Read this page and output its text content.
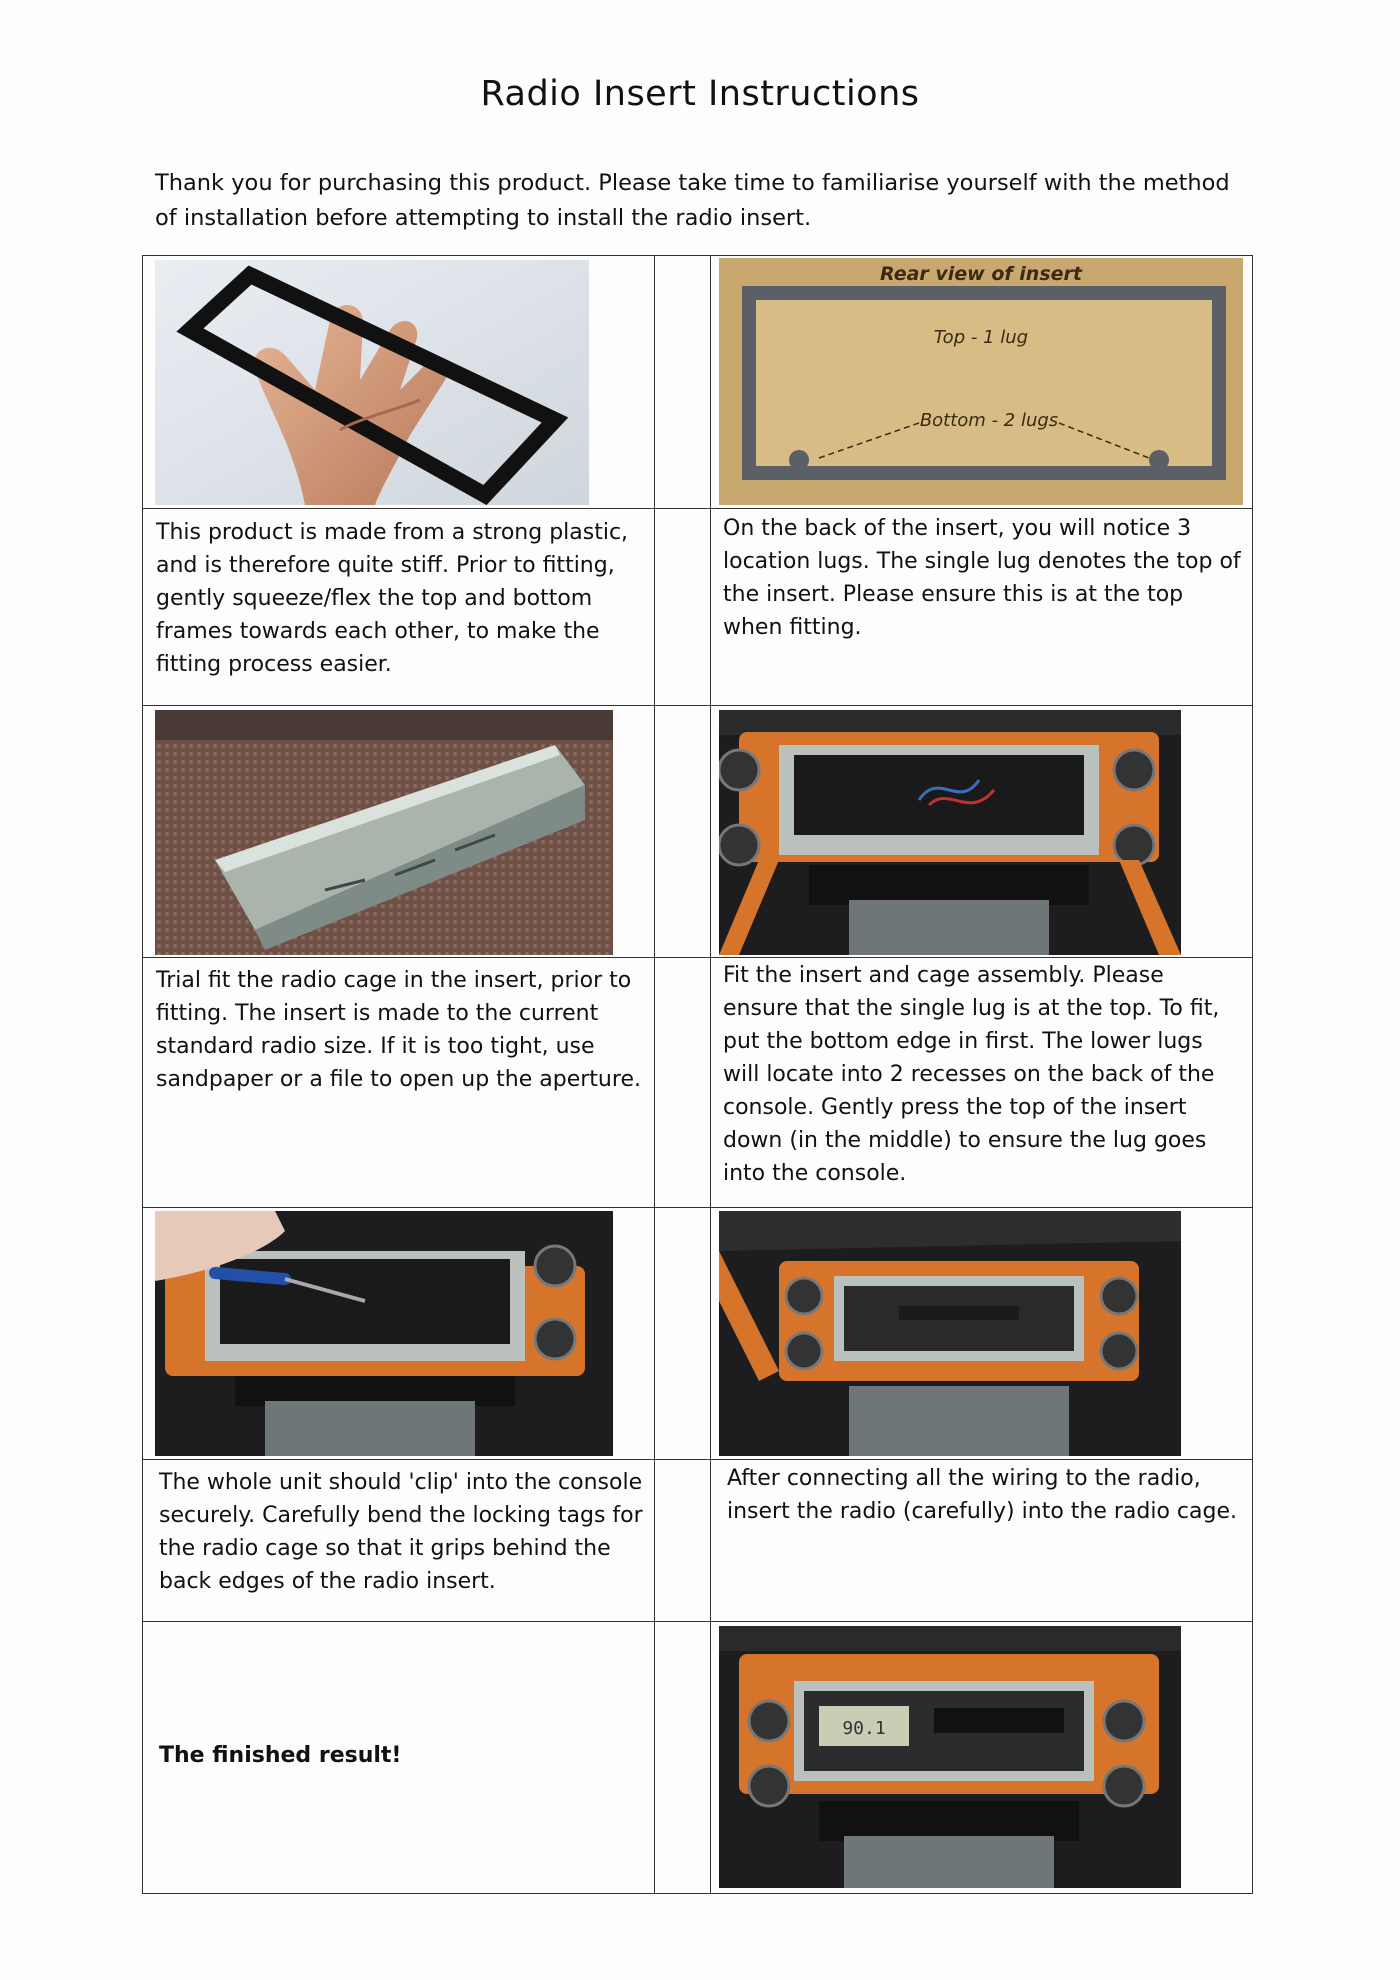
Radio Insert Instructions
Thank you for purchasing this product. Please take time to familiarise yourself with the method of installation before attempting to install the radio insert.
This product is made from a strong plastic, and is therefore quite stiff. Prior to fitting, gently squeeze/flex the top and bottom frames towards each other, to make the fitting process easier.
On the back of the insert, you will notice 3 location lugs. The single lug denotes the top of the insert. Please ensure this is at the top when fitting.
Trial fit the radio cage in the insert, prior to fitting. The insert is made to the current standard radio size. If it is too tight, use sandpaper or a file to open up the aperture.
Fit the insert and cage assembly. Please ensure that the single lug is at the top. To fit, put the bottom edge in first. The lower lugs will locate into 2 recesses on the back of the console. Gently press the top of the insert down (in the middle) to ensure the lug goes into the console.
The whole unit should 'clip' into the console securely. Carefully bend the locking tags for the radio cage so that it grips behind the back edges of the radio insert.
After connecting all the wiring to the radio, insert the radio (carefully) into the radio cage.
The finished result!
Rear view of insert
Top - 1 lug
Bottom - 2 lugs
90.1
